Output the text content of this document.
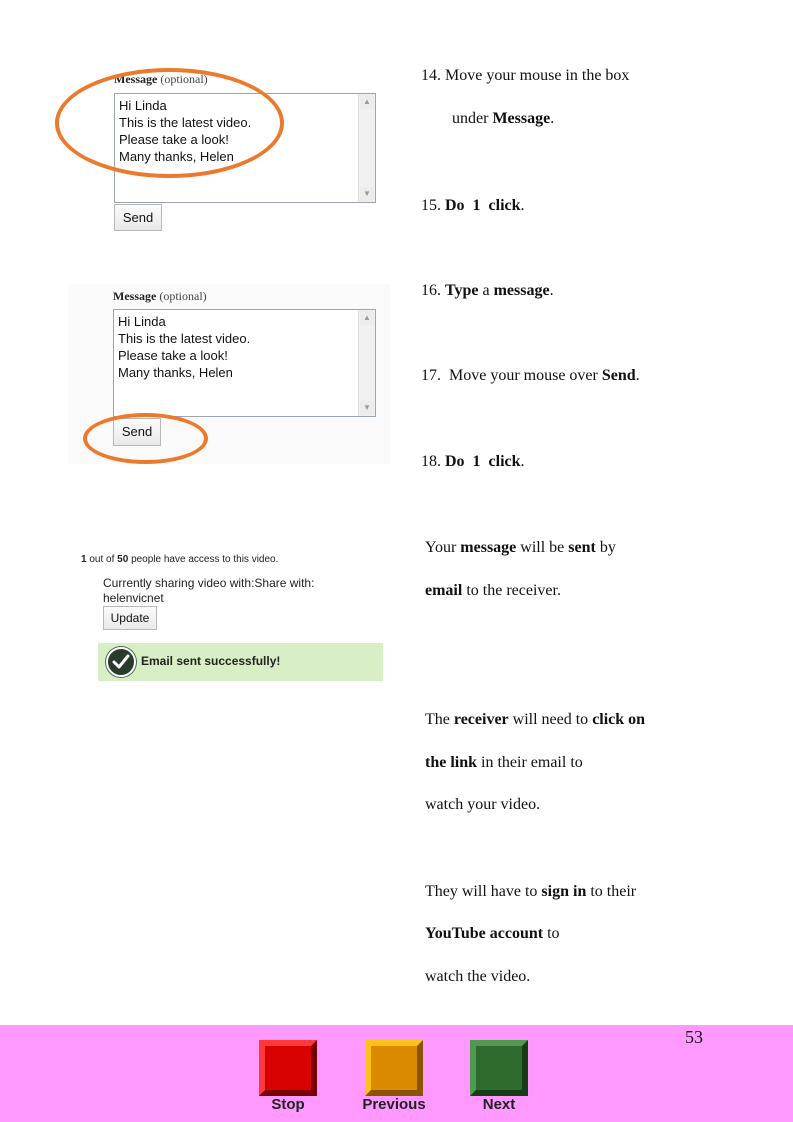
Message (optional)
Hi Linda
This is the latest video.
Please take a look!
Many thanks, Helen
▲
▼
Send
Message (optional)
Hi Linda
This is the latest video.
Please take a look!
Many thanks, Helen
▲
▼
Send
1 out of 50 people have access to this video.
Currently sharing video with:Share with:
helenvicnet
Update
Email sent successfully!
14. Move your mouse in the box
under Message.
15. Do  1  click.
16. Type a message.
17.  Move your mouse over Send.
18. Do  1  click.
Your message will be sent by
email to the receiver.
The receiver will need to click on
the link in their email to
watch your video.
They will have to sign in to their
YouTube account to
watch the video.
53
Stop	Previous	Next
